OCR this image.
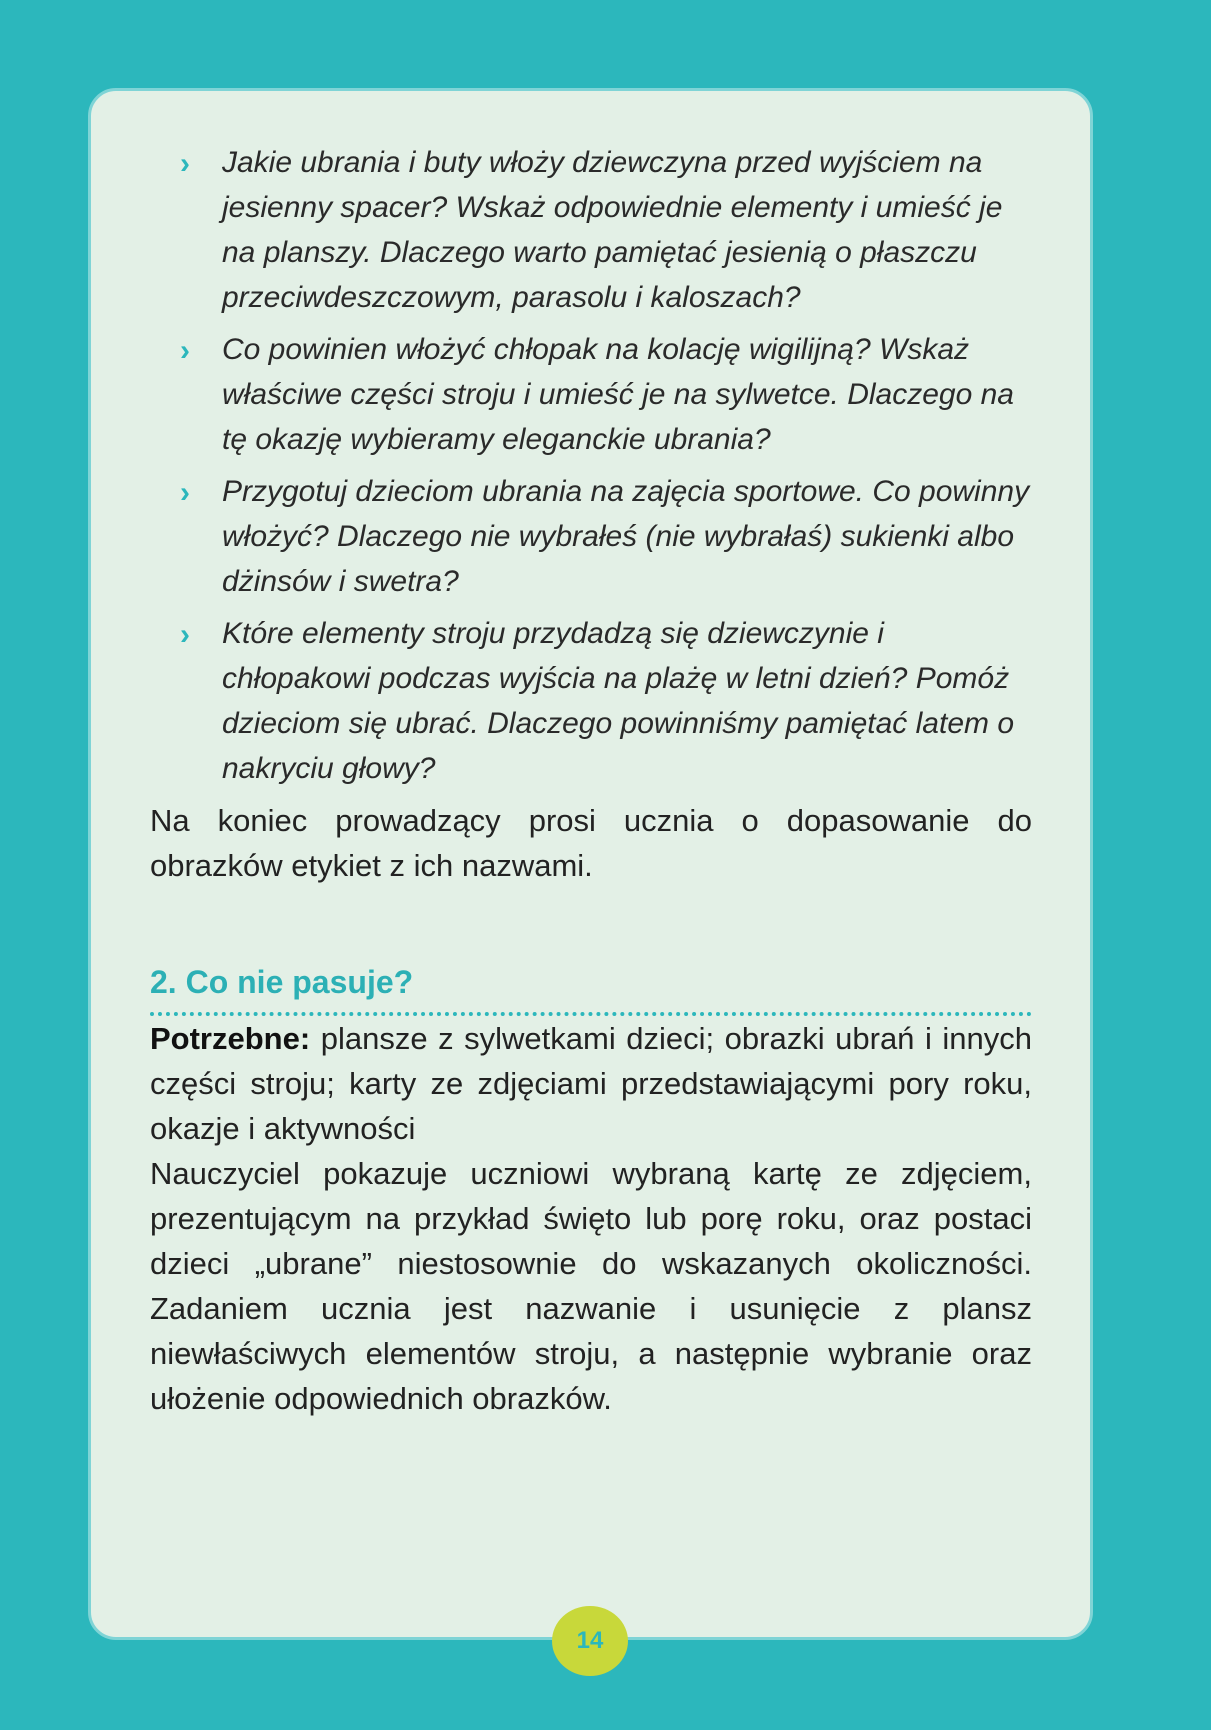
› Jakie ubrania i buty włoży dziewczyna przed wyjściem na jesienny spacer? Wskaż odpowiednie elementy i umieść je na planszy. Dlaczego warto pamiętać jesienią o płaszczu przeciwdeszczowym, parasolu i kaloszach?
› Co powinien włożyć chłopak na kolację wigilijną? Wskaż właściwe części stroju i umieść je na sylwetce. Dlaczego na tę okazję wybieramy eleganckie ubrania?
› Przygotuj dzieciom ubrania na zajęcia sportowe. Co powinny włożyć? Dlaczego nie wybrałeś (nie wybrałaś) sukienki albo dżinsów i swetra?
› Które elementy stroju przydadzą się dziewczynie i chłopakowi podczas wyjścia na plażę w letni dzień? Pomóż dzieciom się ubrać. Dlaczego powinniśmy pamiętać latem o nakryciu głowy?

Na koniec prowadzący prosi ucznia o dopasowanie do obrazków etykiet z ich nazwami.

2. Co nie pasuje?

Potrzebne: plansze z sylwetkami dzieci; obrazki ubrań i innych części stroju; karty ze zdjęciami przedstawiającymi pory roku, okazje i aktywności

Nauczyciel pokazuje uczniowi wybraną kartę ze zdjęciem, prezentującym na przykład święto lub porę roku, oraz postaci dzieci „ubrane” niestosownie do wskazanych okoliczności. Zadaniem ucznia jest nazwanie i usunięcie z plansz niewłaściwych elementów stroju, a następnie wybranie oraz ułożenie odpowiednich obrazków.

14
